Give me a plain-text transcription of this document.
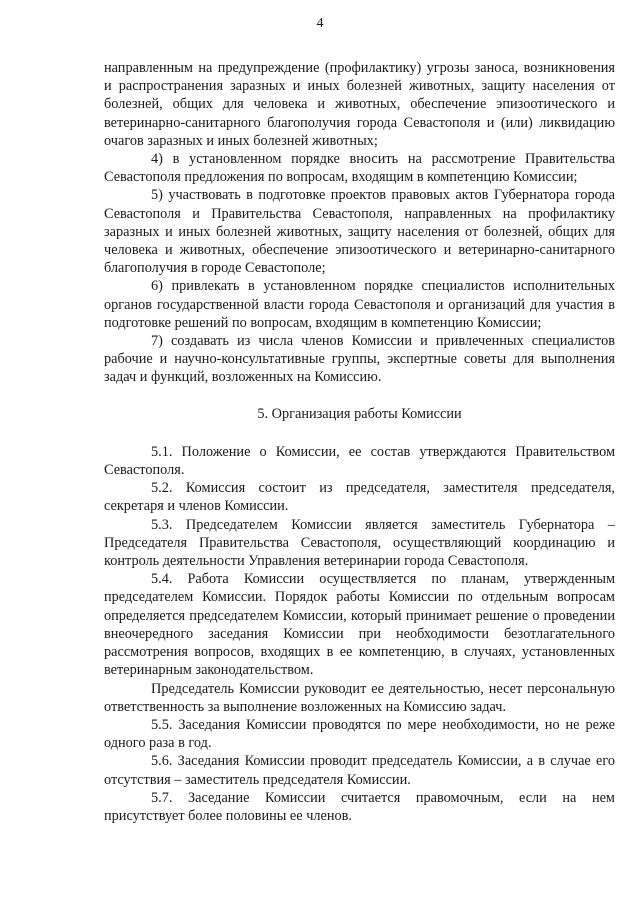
4

направленным на предупреждение (профилактику) угрозы заноса, возникновения и распространения заразных и иных болезней животных, защиту населения от болезней, общих для человека и животных, обеспечение эпизоотического и ветеринарно-санитарного благополучия города Севастополя и (или) ликвидацию очагов заразных и иных болезней животных;

4) в установленном порядке вносить на рассмотрение Правительства Севастополя предложения по вопросам, входящим в компетенцию Комиссии;

5) участвовать в подготовке проектов правовых актов Губернатора города Севастополя и Правительства Севастополя, направленных на профилактику заразных и иных болезней животных, защиту населения от болезней, общих для человека и животных, обеспечение эпизоотического и ветеринарно-санитарного благополучия в городе Севастополе;

6) привлекать в установленном порядке специалистов исполнительных органов государственной власти города Севастополя и организаций для участия в подготовке решений по вопросам, входящим в компетенцию Комиссии;

7) создавать из числа членов Комиссии и привлеченных специалистов рабочие и научно-консультативные группы, экспертные советы для выполнения задач и функций, возложенных на Комиссию.

5. Организация работы Комиссии

5.1. Положение о Комиссии, ее состав утверждаются Правительством Севастополя.

5.2. Комиссия состоит из председателя, заместителя председателя, секретаря и членов Комиссии.

5.3. Председателем Комиссии является заместитель Губернатора – Председателя Правительства Севастополя, осуществляющий координацию и контроль деятельности Управления ветеринарии города Севастополя.

5.4. Работа Комиссии осуществляется по планам, утвержденным председателем Комиссии. Порядок работы Комиссии по отдельным вопросам определяется председателем Комиссии, который принимает решение о проведении внеочередного заседания Комиссии при необходимости безотлагательного рассмотрения вопросов, входящих в ее компетенцию, в случаях, установленных ветеринарным законодательством.

Председатель Комиссии руководит ее деятельностью, несет персональную ответственность за выполнение возложенных на Комиссию задач.

5.5. Заседания Комиссии проводятся по мере необходимости, но не реже одного раза в год.

5.6. Заседания Комиссии проводит председатель Комиссии, а в случае его отсутствия – заместитель председателя Комиссии.

5.7. Заседание Комиссии считается правомочным, если на нем присутствует более половины ее членов.
